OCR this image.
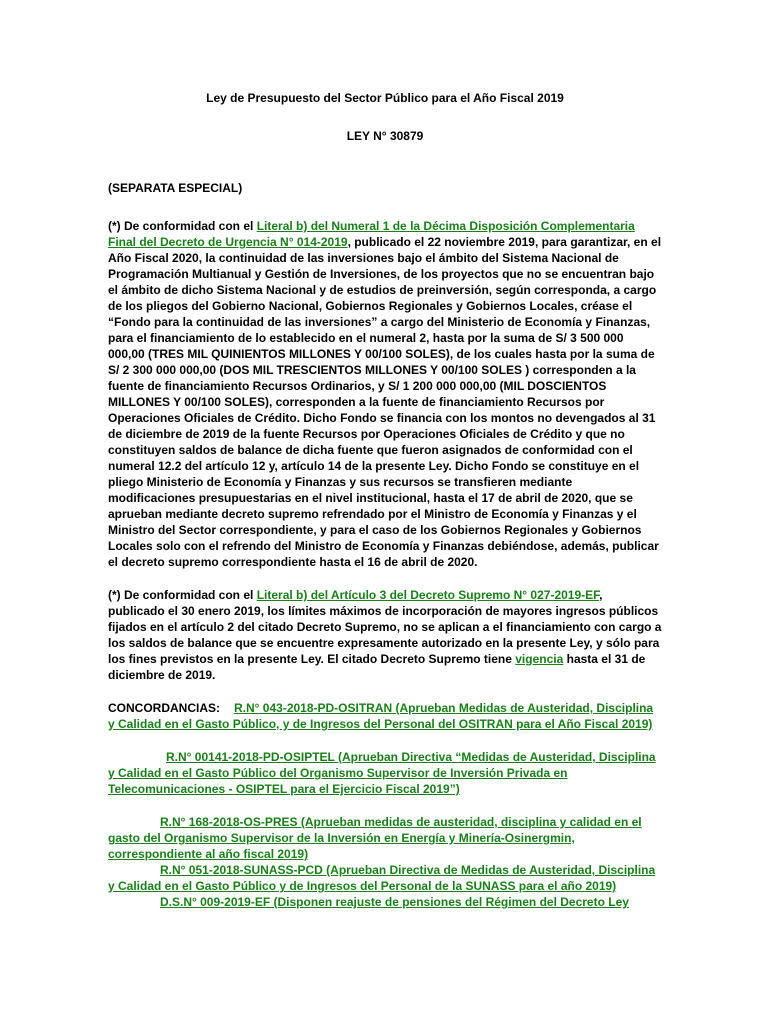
Ley de Presupuesto del Sector Público para el Año Fiscal 2019

LEY N° 30879

(SEPARATA ESPECIAL)

(*) De conformidad con el Literal b) del Numeral 1 de la Décima Disposición Complementaria Final del Decreto de Urgencia N° 014-2019, publicado el 22 noviembre 2019, para garantizar, en el Año Fiscal 2020, la continuidad de las inversiones bajo el ámbito del Sistema Nacional de Programación Multianual y Gestión de Inversiones, de los proyectos que no se encuentran bajo el ámbito de dicho Sistema Nacional y de estudios de preinversión, según corresponda, a cargo de los pliegos del Gobierno Nacional, Gobiernos Regionales y Gobiernos Locales, créase el “Fondo para la continuidad de las inversiones” a cargo del Ministerio de Economía y Finanzas, para el financiamiento de lo establecido en el numeral 2, hasta por la suma de S/ 3 500 000 000,00 (TRES MIL QUINIENTOS MILLONES Y 00/100 SOLES), de los cuales hasta por la suma de S/ 2 300 000 000,00 (DOS MIL TRESCIENTOS MILLONES Y 00/100 SOLES ) corresponden a la fuente de financiamiento Recursos Ordinarios, y S/ 1 200 000 000,00 (MIL DOSCIENTOS MILLONES Y 00/100 SOLES), corresponden a la fuente de financiamiento Recursos por Operaciones Oficiales de Crédito. Dicho Fondo se financia con los montos no devengados al 31 de diciembre de 2019 de la fuente Recursos por Operaciones Oficiales de Crédito y que no constituyen saldos de balance de dicha fuente que fueron asignados de conformidad con el numeral 12.2 del artículo 12 y, artículo 14 de la presente Ley. Dicho Fondo se constituye en el pliego Ministerio de Economía y Finanzas y sus recursos se transfieren mediante modificaciones presupuestarias en el nivel institucional, hasta el 17 de abril de 2020, que se aprueban mediante decreto supremo refrendado por el Ministro de Economía y Finanzas y el Ministro del Sector correspondiente, y para el caso de los Gobiernos Regionales y Gobiernos Locales solo con el refrendo del Ministro de Economía y Finanzas debiéndose, además, publicar el decreto supremo correspondiente hasta el 16 de abril de 2020.

(*) De conformidad con el Literal b) del Artículo 3 del Decreto Supremo N° 027-2019-EF, publicado el 30 enero 2019, los límites máximos de incorporación de mayores ingresos públicos fijados en el artículo 2 del citado Decreto Supremo, no se aplican a el financiamiento con cargo a los saldos de balance que se encuentre expresamente autorizado en la presente Ley, y sólo para los fines previstos en la presente Ley. El citado Decreto Supremo tiene vigencia hasta el 31 de diciembre de 2019.

CONCORDANCIAS: R.N° 043-2018-PD-OSITRAN (Aprueban Medidas de Austeridad, Disciplina y Calidad en el Gasto Público, y de Ingresos del Personal del OSITRAN para el Año Fiscal 2019)

R.N° 00141-2018-PD-OSIPTEL (Aprueban Directiva “Medidas de Austeridad, Disciplina y Calidad en el Gasto Público del Organismo Supervisor de Inversión Privada en Telecomunicaciones - OSIPTEL para el Ejercicio Fiscal 2019”)

R.N° 168-2018-OS-PRES (Aprueban medidas de austeridad, disciplina y calidad en el gasto del Organismo Supervisor de la Inversión en Energía y Minería-Osinergmin, correspondiente al año fiscal 2019)

R.N° 051-2018-SUNASS-PCD (Aprueban Directiva de Medidas de Austeridad, Disciplina y Calidad en el Gasto Público y de Ingresos del Personal de la SUNASS para el año 2019)

D.S.N° 009-2019-EF (Disponen reajuste de pensiones del Régimen del Decreto Ley
